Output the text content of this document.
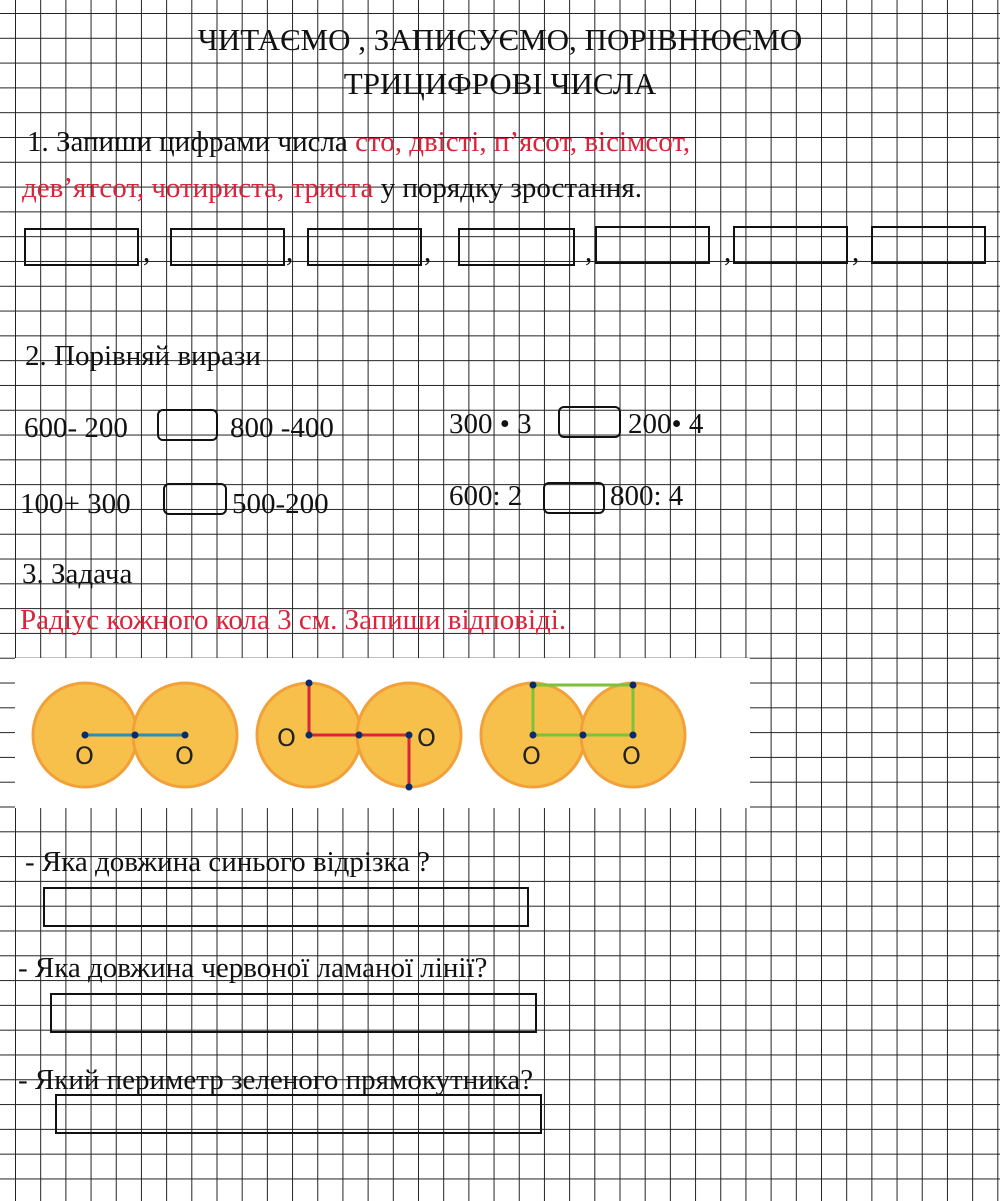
ЧИТАЄМО , ЗАПИСУЄМО, ПОРІВНЮЄМО
ТРИЦИФРОВІ ЧИСЛА
1. Запиши цифрами числа сто, двісті, п’ясот, вісімсот,
дев’ятсот, чотириста, триста у порядку зростання.
,	,	,	,	,	,
2. Порівняй вирази
600- 200	800 -400	300 • 3	200• 4
100+ 300	500-200	600: 2	800: 4
3. Задача
Радіус кожного кола 3 см. Запиши відповіді.
О	О
О	О
О	О
- Яка довжина синього відрізка ?
- Яка довжина червоної ламаної лінії?
- Який периметр зеленого прямокутника?
